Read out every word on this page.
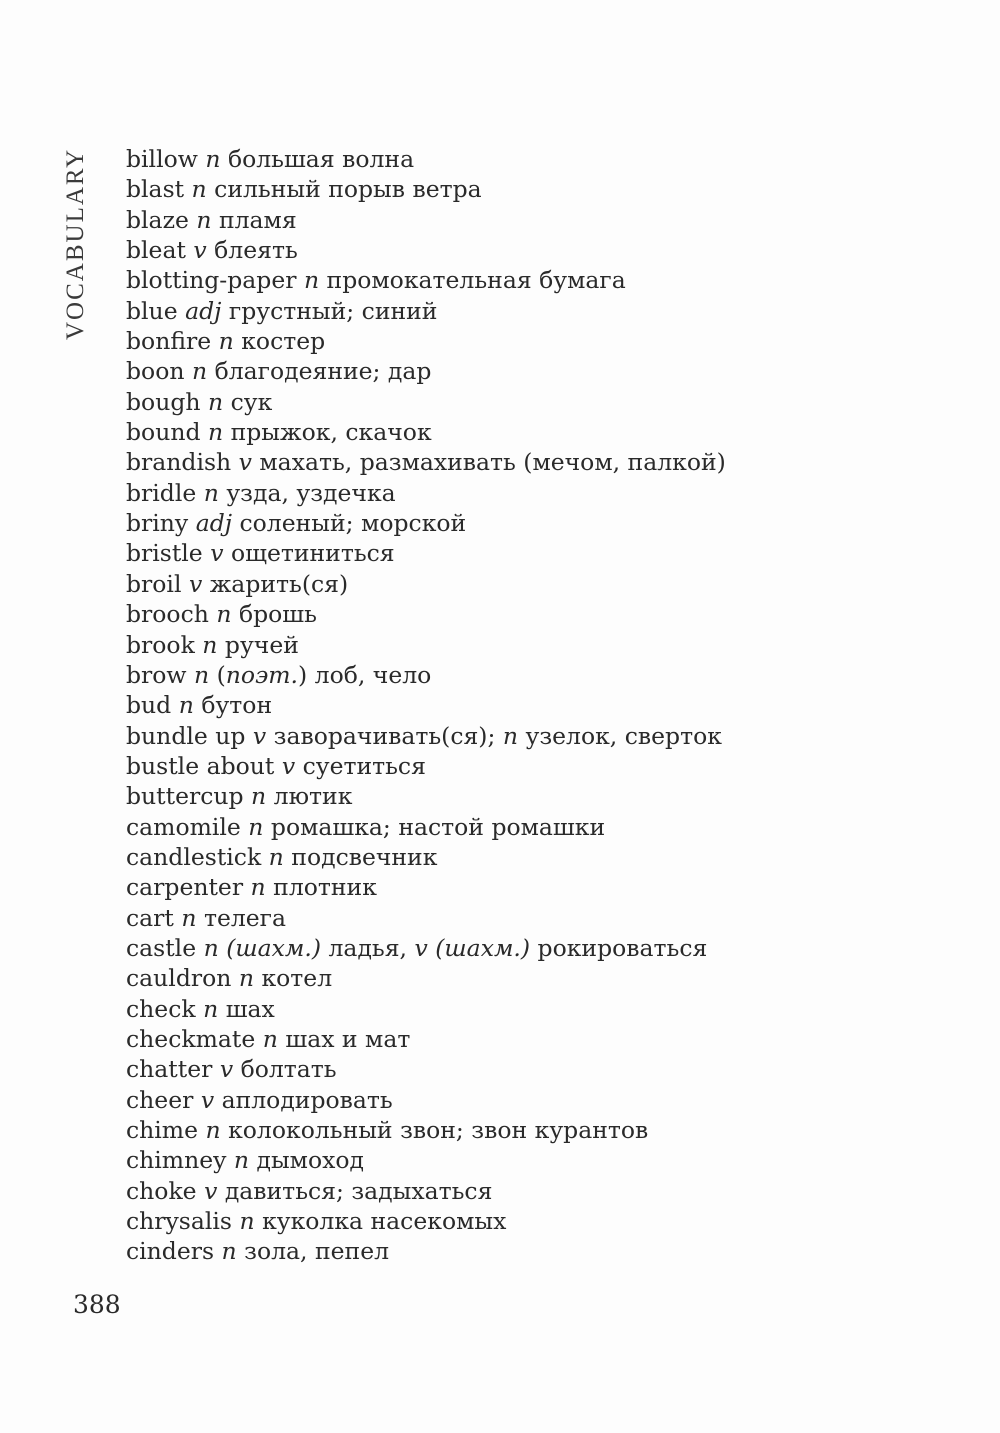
VOCABULARY billow n большая волна
blast n сильный порыв ветра
blaze n пламя
bleat v блеять
blotting-paper n промокательная бумага
blue adj грустный; синий
bonfire n костер
boon n благодеяние; дар
bough n сук
bound n прыжок, скачок
brandish v махать, размахивать (мечом, палкой)
bridle n узда, уздечка
briny adj соленый; морской
bristle v ощетиниться
broil v жарить(ся)
brooch n брошь
brook n ручей
brow n (поэт.) лоб, чело
bud n бутон
bundle up v заворачивать(ся); n узелок, сверток
bustle about v суетиться
buttercup n лютик
camomile n ромашка; настой ромашки
candlestick n подсвечник
carpenter n плотник
cart n телега
castle n (шахм.) ладья, v (шахм.) рокироваться
cauldron n котел
check n шах
checkmate n шах и мат
chatter v болтать
cheer v аплодировать
chime n колокольный звон; звон курантов
chimney n дымоход
choke v давиться; задыхаться
chrysalis n куколка насекомых
cinders n зола, пепел
388
